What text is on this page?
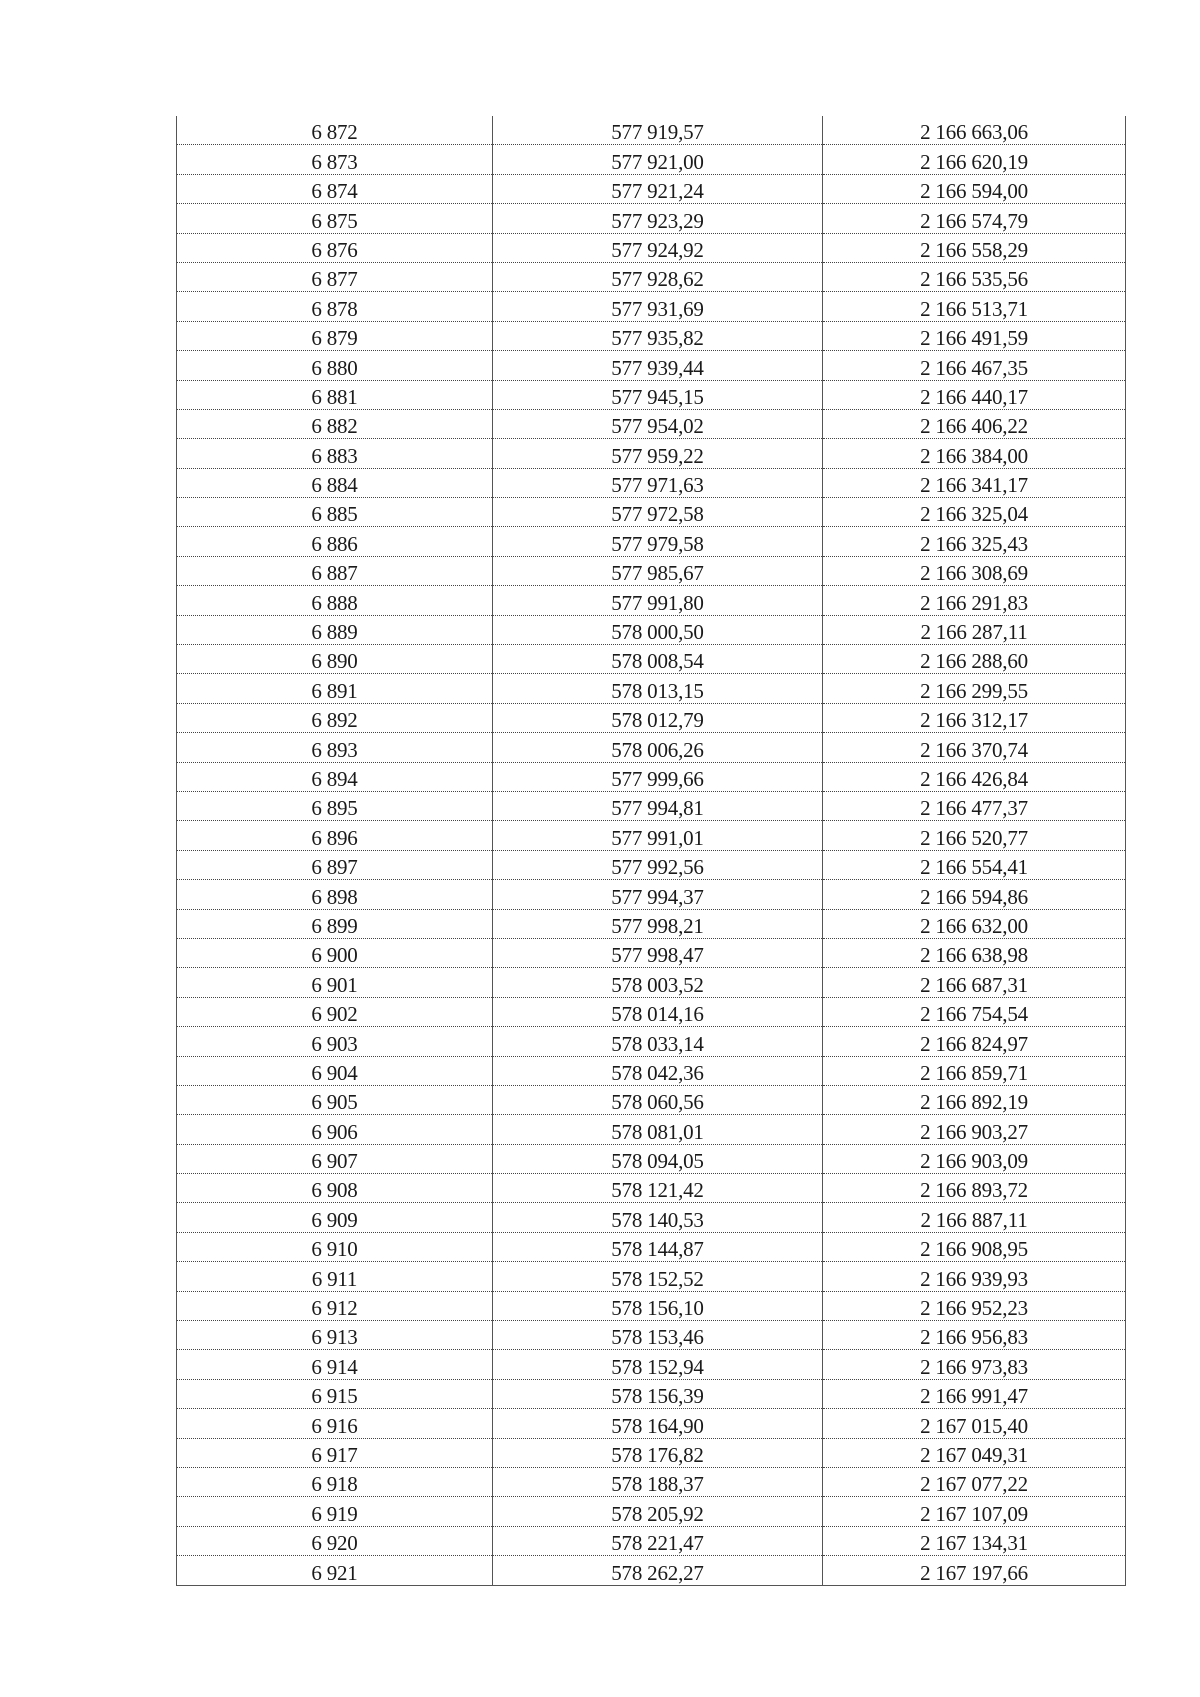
6 872	577 919,57	2 166 663,06
6 873	577 921,00	2 166 620,19
6 874	577 921,24	2 166 594,00
6 875	577 923,29	2 166 574,79
6 876	577 924,92	2 166 558,29
6 877	577 928,62	2 166 535,56
6 878	577 931,69	2 166 513,71
6 879	577 935,82	2 166 491,59
6 880	577 939,44	2 166 467,35
6 881	577 945,15	2 166 440,17
6 882	577 954,02	2 166 406,22
6 883	577 959,22	2 166 384,00
6 884	577 971,63	2 166 341,17
6 885	577 972,58	2 166 325,04
6 886	577 979,58	2 166 325,43
6 887	577 985,67	2 166 308,69
6 888	577 991,80	2 166 291,83
6 889	578 000,50	2 166 287,11
6 890	578 008,54	2 166 288,60
6 891	578 013,15	2 166 299,55
6 892	578 012,79	2 166 312,17
6 893	578 006,26	2 166 370,74
6 894	577 999,66	2 166 426,84
6 895	577 994,81	2 166 477,37
6 896	577 991,01	2 166 520,77
6 897	577 992,56	2 166 554,41
6 898	577 994,37	2 166 594,86
6 899	577 998,21	2 166 632,00
6 900	577 998,47	2 166 638,98
6 901	578 003,52	2 166 687,31
6 902	578 014,16	2 166 754,54
6 903	578 033,14	2 166 824,97
6 904	578 042,36	2 166 859,71
6 905	578 060,56	2 166 892,19
6 906	578 081,01	2 166 903,27
6 907	578 094,05	2 166 903,09
6 908	578 121,42	2 166 893,72
6 909	578 140,53	2 166 887,11
6 910	578 144,87	2 166 908,95
6 911	578 152,52	2 166 939,93
6 912	578 156,10	2 166 952,23
6 913	578 153,46	2 166 956,83
6 914	578 152,94	2 166 973,83
6 915	578 156,39	2 166 991,47
6 916	578 164,90	2 167 015,40
6 917	578 176,82	2 167 049,31
6 918	578 188,37	2 167 077,22
6 919	578 205,92	2 167 107,09
6 920	578 221,47	2 167 134,31
6 921	578 262,27	2 167 197,66
